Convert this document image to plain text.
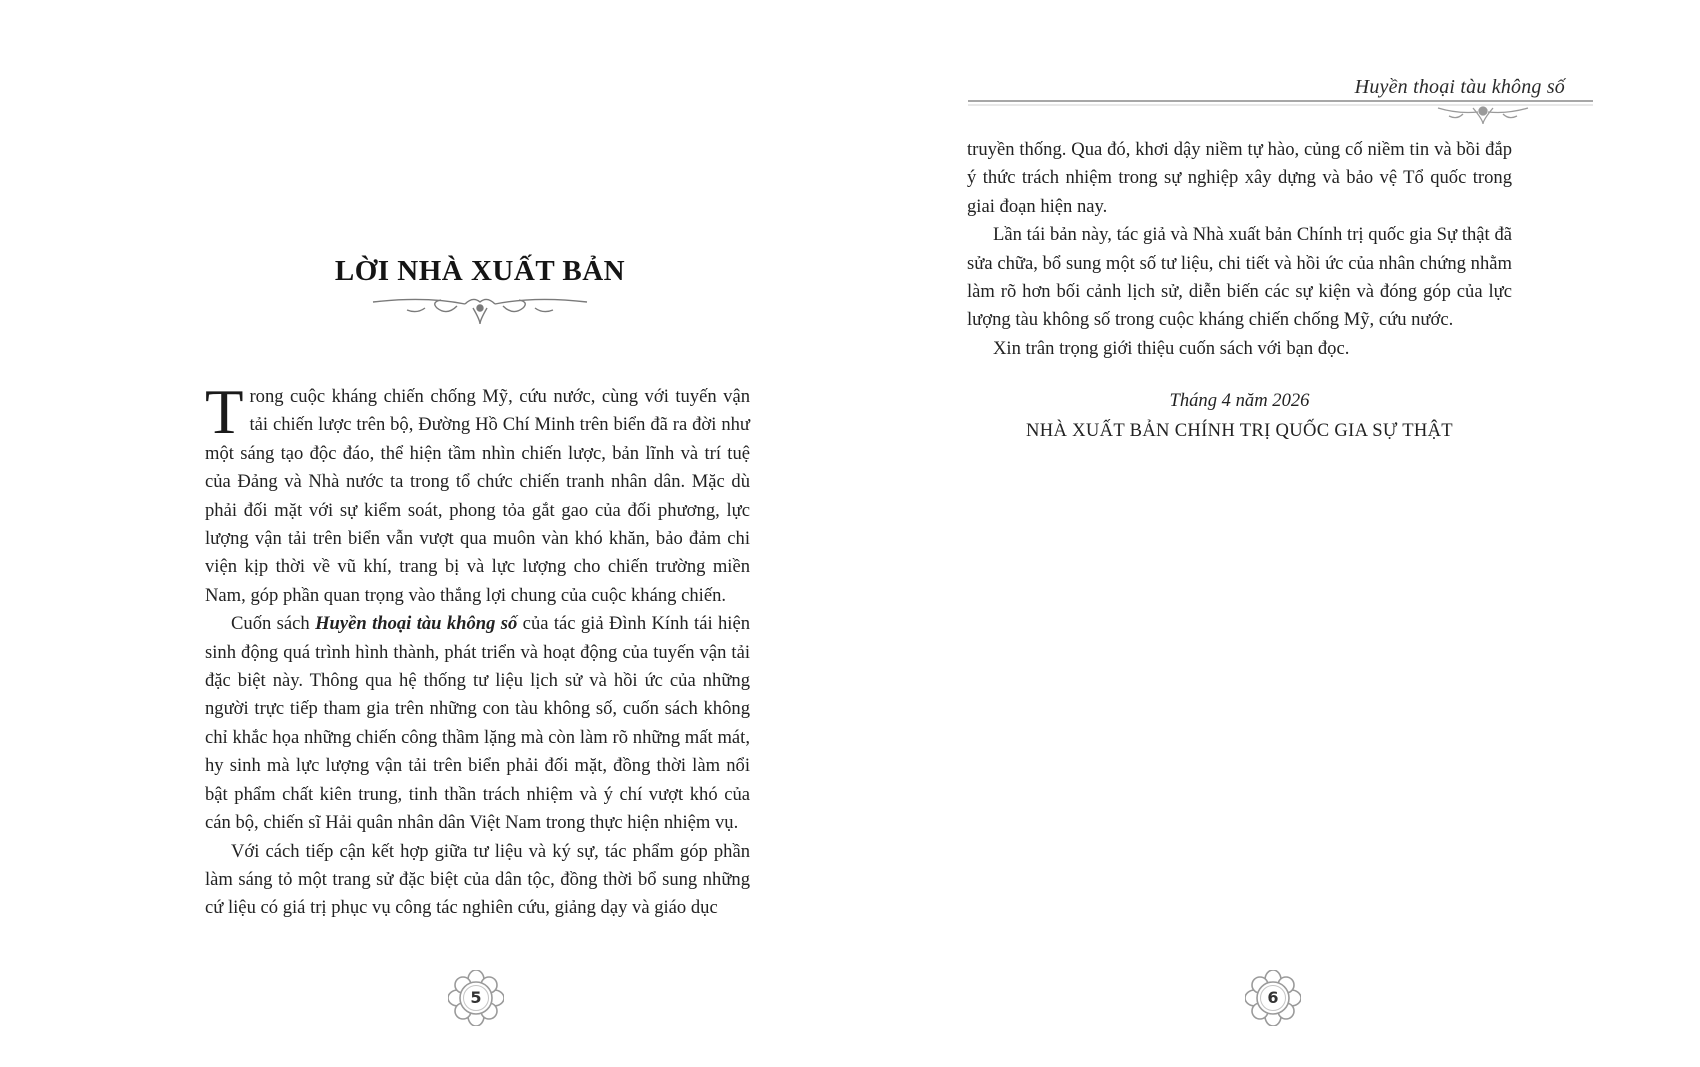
LỜI NHÀ XUẤT BẢN

Trong cuộc kháng chiến chống Mỹ, cứu nước, cùng với tuyến vận tải chiến lược trên bộ, Đường Hồ Chí Minh trên biển đã ra đời như một sáng tạo độc đáo, thể hiện tầm nhìn chiến lược, bản lĩnh và trí tuệ của Đảng và Nhà nước ta trong tổ chức chiến tranh nhân dân. Mặc dù phải đối mặt với sự kiểm soát, phong tỏa gắt gao của đối phương, lực lượng vận tải trên biển vẫn vượt qua muôn vàn khó khăn, bảo đảm chi viện kịp thời về vũ khí, trang bị và lực lượng cho chiến trường miền Nam, góp phần quan trọng vào thắng lợi chung của cuộc kháng chiến.

Cuốn sách Huyền thoại tàu không số của tác giả Đình Kính tái hiện sinh động quá trình hình thành, phát triển và hoạt động của tuyến vận tải đặc biệt này. Thông qua hệ thống tư liệu lịch sử và hồi ức của những người trực tiếp tham gia trên những con tàu không số, cuốn sách không chỉ khắc họa những chiến công thầm lặng mà còn làm rõ những mất mát, hy sinh mà lực lượng vận tải trên biển phải đối mặt, đồng thời làm nổi bật phẩm chất kiên trung, tinh thần trách nhiệm và ý chí vượt khó của cán bộ, chiến sĩ Hải quân nhân dân Việt Nam trong thực hiện nhiệm vụ.

Với cách tiếp cận kết hợp giữa tư liệu và ký sự, tác phẩm góp phần làm sáng tỏ một trang sử đặc biệt của dân tộc, đồng thời bổ sung những cứ liệu có giá trị phục vụ công tác nghiên cứu, giảng dạy và giáo dục

5
Huyền thoại tàu không số

truyền thống. Qua đó, khơi dậy niềm tự hào, củng cố niềm tin và bồi đắp ý thức trách nhiệm trong sự nghiệp xây dựng và bảo vệ Tổ quốc trong giai đoạn hiện nay.

Lần tái bản này, tác giả và Nhà xuất bản Chính trị quốc gia Sự thật đã sửa chữa, bổ sung một số tư liệu, chi tiết và hồi ức của nhân chứng nhằm làm rõ hơn bối cảnh lịch sử, diễn biến các sự kiện và đóng góp của lực lượng tàu không số trong cuộc kháng chiến chống Mỹ, cứu nước.

Xin trân trọng giới thiệu cuốn sách với bạn đọc.

Tháng 4 năm 2026
NHÀ XUẤT BẢN CHÍNH TRỊ QUỐC GIA SỰ THẬT
6
